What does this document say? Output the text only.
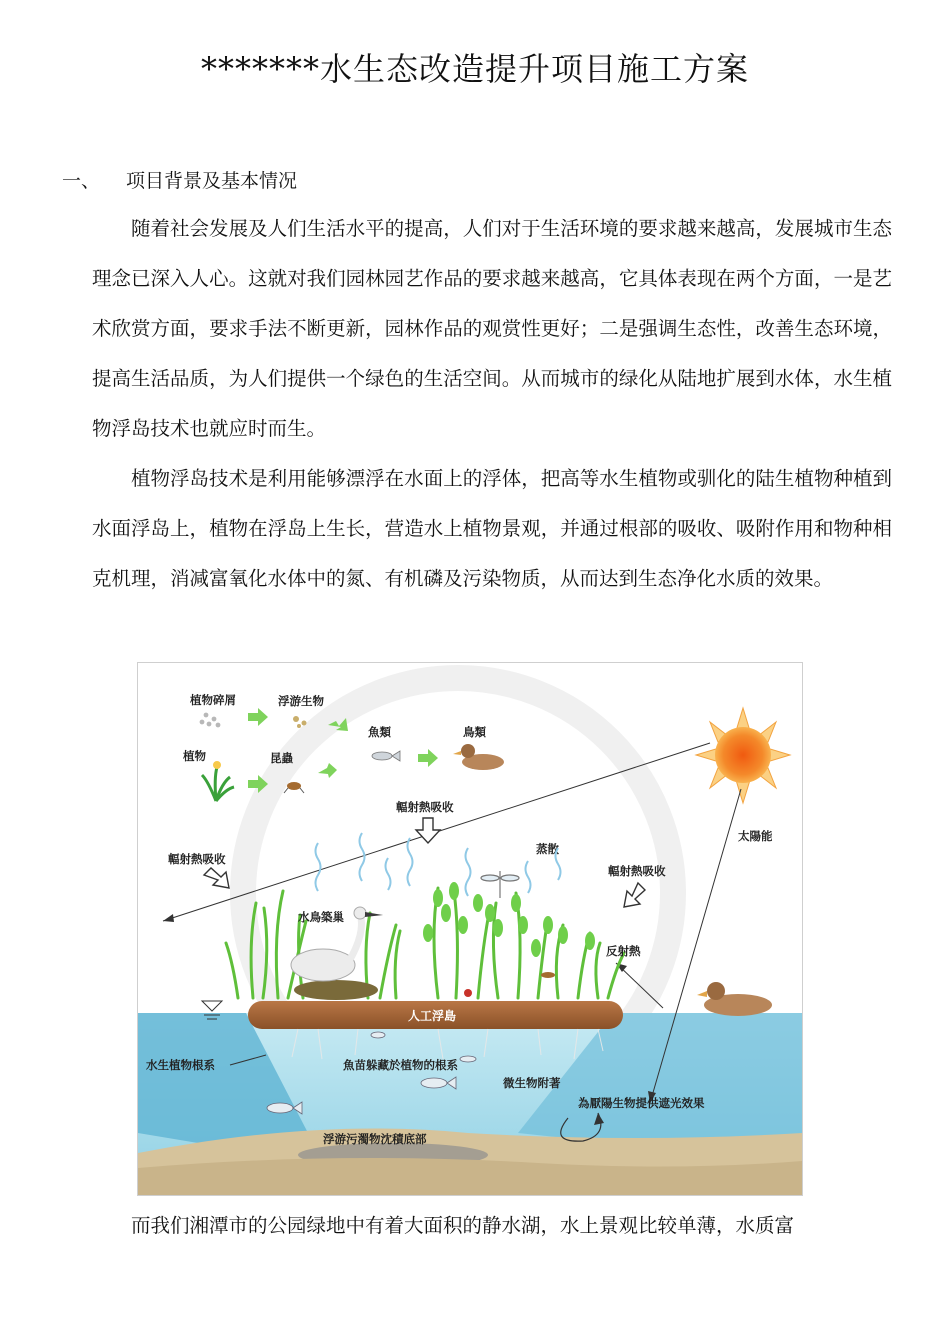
*******水生态改造提升项目施工方案
一、 项目背景及基本情况

随着社会发展及人们生活水平的提高，人们对于生活环境的要求越来越高，发展城市生态理念已深入人心。这就对我们园林园艺作品的要求越来越高，它具体表现在两个方面，一是艺术欣赏方面，要求手法不断更新，园林作品的观赏性更好；二是强调生态性，改善生态环境，提高生活品质，为人们提供一个绿色的生活空间。从而城市的绿化从陆地扩展到水体，水生植物浮岛技术也就应时而生。

植物浮岛技术是利用能够漂浮在水面上的浮体，把高等水生植物或驯化的陆生植物种植到水面浮岛上，植物在浮岛上生长，营造水上植物景观，并通过根部的吸收、吸附作用和物种相克机理，消减富氧化水体中的氮、有机磷及污染物质，从而达到生态净化水质的效果。

植物碎屑	浮游生物
魚類	鳥類
植物	昆蟲
輻射熱吸收
輻射熱吸收
輻射熱吸收
太陽能
蒸散
水鳥築巢
反射熱
人工浮島
水生植物根系	魚苗躲藏於植物的根系
微生物附著
為厭陽生物提供遮光效果
浮游污濁物沈積底部

而我们湘潭市的公园绿地中有着大面积的静水湖，水上景观比较单薄，水质富
